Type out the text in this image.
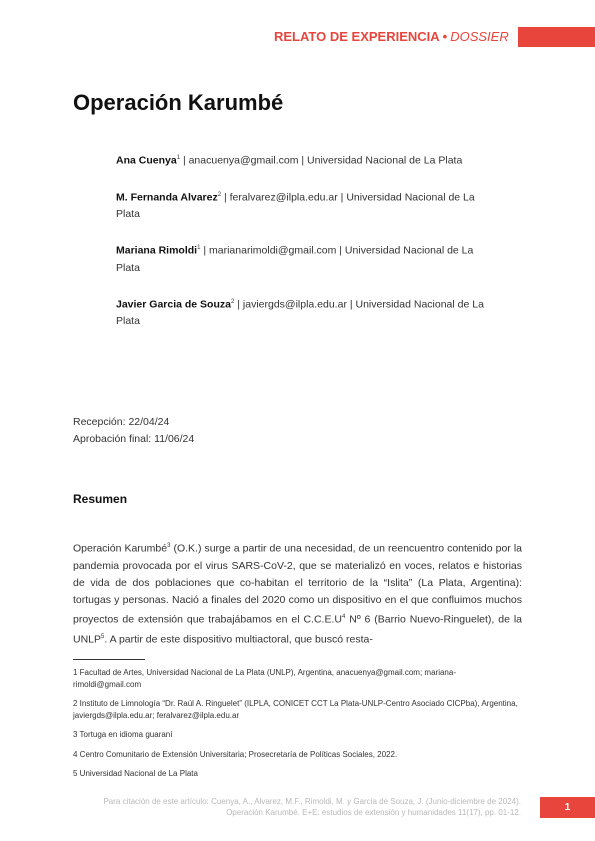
RELATO DE EXPERIENCIA • DOSSIER
Operación Karumbé

Ana Cuenya$^1$ | anacuenya@gmail.com | Universidad Nacional de La Plata

M. Fernanda Alvarez$^2$ | feralvarez@ilpla.edu.ar | Universidad Nacional de La Plata

Mariana Rimoldi$^1$ | marianarimoldi@gmail.com | Universidad Nacional de La Plata

Javier Garcia de Souza$^2$ | javiergds@ilpla.edu.ar | Universidad Nacional de La Plata

Recepción: 22/04/24
Aprobación final: 11/06/24
Resumen
Operación Karumbé$^3$ (O.K.) surge a partir de una necesidad, de un reencuentro contenido por la pandemia provocada por el virus SARS-CoV-2, que se materializó en voces, relatos e historias de vida de dos poblaciones que co-habitan el territorio de la “Islita” (La Plata, Argentina): tortugas y personas. Nació a finales del 2020 como un dispositivo en el que confluimos muchos proyectos de extensión que trabajábamos en el $C.C.E.U^4$ Nº 6 (Barrio Nuevo-Ringuelet), de la UNLP$^5$. A partir de este dispositivo multiactoral, que buscó resta-
1 Facultad de Artes, Universidad Nacional de La Plata (UNLP), Argentina, anacuenya@gmail.com; mariana-rimoldi@gmail.com
2 Instituto de Limnología “Dr. Raúl A. Ringuelet” (ILPLA, CONICET CCT La Plata-UNLP-Centro Asociado CICPba), Argentina, javiergds@ilpla.edu.ar; feralvarez@ilpla.edu.ar
3 Tortuga en idioma guaraní
4 Centro Comunitario de Extensión Universitaria; Prosecretaría de Políticas Sociales, 2022.
5 Universidad Nacional de La Plata
Para citación de este artículo: Cuenya, A., Alvarez, M.F., Rimoldi, M. y Garcia de Souza, J. (Junio-diciembre de 2024). Operación Karumbé. E+E: estudios de extensión y humanidades 11(17), pp. 01-12.	1
